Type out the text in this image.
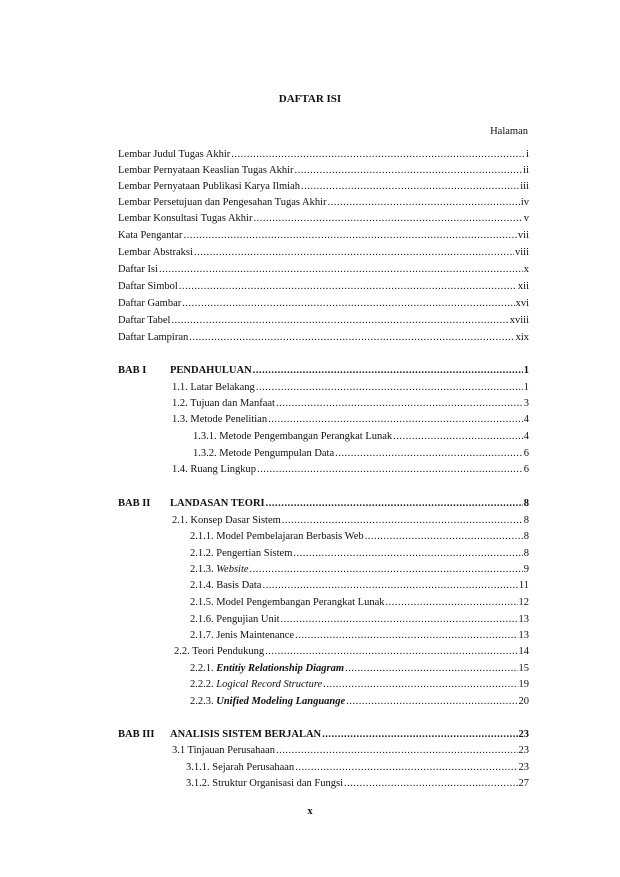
DAFTAR ISI
Halaman
Lembar Judul Tugas Akhir .....	i
Lembar Pernyataan Keaslian Tugas Akhir .....	ii
Lembar Pernyataan Publikasi Karya Ilmiah .....	iii
Lembar Persetujuan dan Pengesahan Tugas Akhir .....	iv
Lembar Konsultasi Tugas Akhir .....	v
Kata Pengantar .....	vii
Lembar Abstraksi .....	viii
Daftar Isi .....	x
Daftar Simbol .....	xii
Daftar Gambar .....	xvi
Daftar Tabel .....	xviii
Daftar Lampiran .....	xix
BAB I PENDAHULUAN .....	1
1.1. Latar Belakang .....	1
1.2. Tujuan dan Manfaat .....	3
1.3. Metode Penelitian .....	4
1.3.1. Metode Pengembangan Perangkat Lunak .....	4
1.3.2. Metode Pengumpulan Data .....	6
1.4. Ruang Lingkup .....	6
BAB II LANDASAN TEORI .....	8
2.1. Konsep Dasar Sistem .....	8
2.1.1. Model Pembelajaran Berbasis Web .....	8
2.1.2. Pengertian Sistem .....	8
2.1.3. Website .....	9
2.1.4. Basis Data .....	11
2.1.5. Model Pengembangan Perangkat Lunak .....	12
2.1.6. Pengujian Unit .....	13
2.1.7. Jenis Maintenance .....	13
2.2. Teori Pendukung .....	14
2.2.1. Entitiy Relationship Diagram .....	15
2.2.2. Logical Record Structure .....	19
2.2.3. Unified Modeling Languange .....	20
BAB III ANALISIS SISTEM BERJALAN .....	23
3.1 Tinjauan Perusahaan .....	23
3.1.1. Sejarah Perusahaan .....	23
3.1.2. Struktur Organisasi dan Fungsi .....	27
x
